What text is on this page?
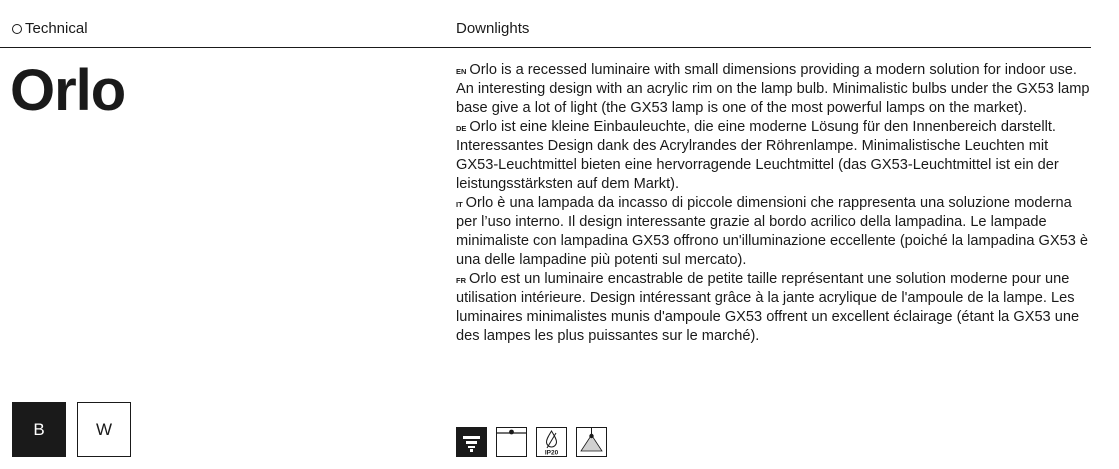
Technical	Downlights
Orlo	$^{EN}$ Orlo is a recessed luminaire with small dimensions providing a modern solution for indoor use. An interesting design with an acrylic rim on the lamp bulb. Minimalistic bulbs under the GX53 lamp base give a lot of light (the GX53 lamp is one of the most powerful lamps on the market).

$^{DE}$ Orlo ist eine kleine Einbauleuchte, die eine moderne Lösung für den Innenbereich darstellt. Interessantes Design dank des Acrylrandes der Röhrenlampe. Minimalistische Leuchten mit GX53-Leuchtmittel bieten eine hervorragende Leuchtmittel (das GX53-Leuchtmittel ist ein der leistungsstärksten auf dem Markt).

$^{IT}$ Orlo è una lampada da incasso di piccole dimensioni che rappresenta una soluzione moderna per l’uso interno. Il design interessante grazie al bordo acrilico della lampadina. Le lampade minimaliste con lampadina GX53 offrono un'illuminazione eccellente (poiché la lampadina GX53 è una delle lampadine più potenti sul mercato).

$^{FR}$ Orlo est un luminaire encastrable de petite taille représentant une solution moderne pour une utilisation intérieure. Design intéressant grâce à la jante acrylique de l'ampoule de la lampe. Les luminaires minimalistes munis d'ampoule GX53 offrent un excellent éclairage (étant la GX53 une des lampes les plus puissantes sur le marché).

B	W
IP20
